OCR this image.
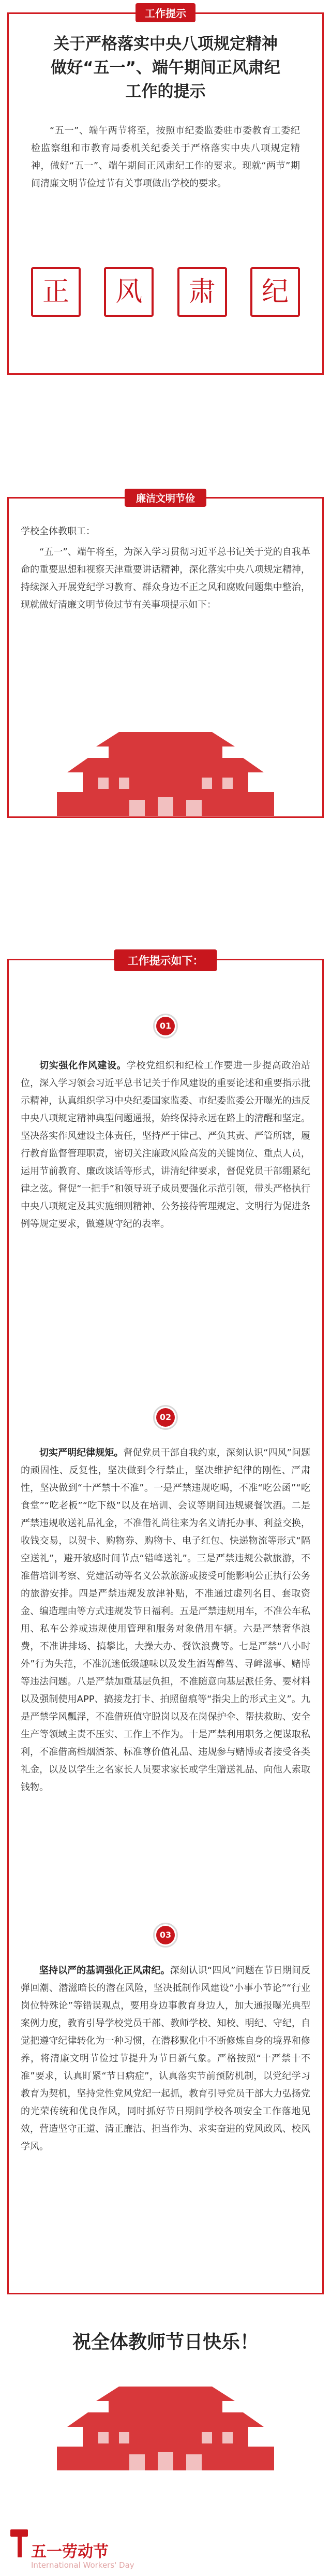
工作提示
关于严格落实中央八项规定精神
做好“五一”、端午期间正风肃纪
工作的提示
“五一”、端午两节将至，按照市纪委监委驻市委教育工委纪检监察组和市教育局委机关纪委关于严格落实中央八项规定精神，做好“五一”、端午期间正风肃纪工作的要求。现就“两节”期间清廉文明节俭过节有关事项做出学校的要求。
正	风	肃	纪
廉洁文明节俭
学校全体教职工：
“五一”、端午将至，为深入学习贯彻习近平总书记关于党的自我革命的重要思想和视察天津重要讲话精神，深化落实中央八项规定精神，持续深入开展党纪学习教育、群众身边不正之风和腐败问题集中整治，现就做好清廉文明节俭过节有关事项提示如下：
工作提示如下：
01
切实强化作风建设。学校党组织和纪检工作要进一步提高政治站位，深入学习领会习近平总书记关于作风建设的重要论述和重要指示批示精神，认真组织学习中央纪委国家监委、市纪委监委公开曝光的违反中央八项规定精神典型问题通报，始终保持永远在路上的清醒和坚定。坚决落实作风建设主体责任，坚持严于律己、严负其责、严管所辖，履行教育监督管理职责，密切关注廉政风险高发的关键岗位、重点人员，运用节前教育、廉政谈话等形式，讲清纪律要求，督促党员干部绷紧纪律之弦。督促“一把手”和领导班子成员要强化示范引领，带头严格执行中央八项规定及其实施细则精神、公务接待管理规定、文明行为促进条例等规定要求，做遵规守纪的表率。
02
切实严明纪律规矩。督促党员干部自我约束，深刻认识“四风”问题的顽固性、反复性，坚决做到令行禁止，坚决维护纪律的刚性、严肃性，坚决做到“十严禁十不准”。一是严禁违规吃喝，不准“吃公函”“吃食堂”“吃老板”“吃下级”以及在培训、会议等期间违规聚餐饮酒。二是严禁违规收送礼品礼金，不准借礼尚往来为名义请托办事、利益交换，收钱交易，以贺卡、购物券、购物卡、电子红包、快递物流等形式“隔空送礼”，避开敏感时间节点“错峰送礼”。三是严禁违规公款旅游，不准借培训考察、党建活动等名义公款旅游或接受可能影响公正执行公务的旅游安排。四是严禁违规发放津补贴，不准通过虚列名目、套取资金、编造理由等方式违规发节日福利。五是严禁违规用车，不准公车私用、私车公养或违规使用管理和服务对象借用车辆。六是严禁奢华浪费，不准讲排场、搞攀比，大操大办、餐饮浪费等。七是严禁“八小时外”行为失范，不准沉迷低级趣味以及发生酒驾醉驾、寻衅滋事、赌博等违法问题。八是严禁加重基层负担，不准随意向基层派任务、要材料以及强制使用APP、搞接龙打卡、拍照留痕等“指尖上的形式主义”。九是严禁学风瓢浮，不准借班值守脱岗以及在岗保护伞、帮扶救助、安全生产等领域主责不压实、工作上不作为。十是严禁利用职务之便谋取私利，不准借高档烟酒茶、标准尊价值礼品、违规参与赌博或者接受各类礼金，以及以学生之名家长人员要求家长或学生赠送礼品、向他人索取钱物。
03
坚持以严的基调强化正风肃纪。深刻认识“四风”问题在节日期间反弹回潮、潜滋暗长的潜在风险，坚决抵制作风建设“小事小节论”“行业岗位特殊论”等错误观点，要用身边事教育身边人，加大通报曝光典型案例力度，教育引导学校党员干部、教师学校、知校、明纪、守纪，自觉把遵守纪律转化为一种习惯，在潜移默化中不断修炼自身的境界和修养，将清廉文明节俭过节提升为节日新气象。严格按照“十严禁十不准”要求，认真盯紧“节日病症”，认真落实节前预防机制，以党纪学习教育为契机，坚持党性党风党纪一起抓，教育引导党员干部大力弘扬党的光荣传统和优良作风，同时抓好节日期间学校各项安全工作落地见效，营造坚守正道、清正廉洁、担当作为、求实奋进的党风政风、校风学风。
祝全体教师节日快乐！
五一劳动节
International Workers' Day
